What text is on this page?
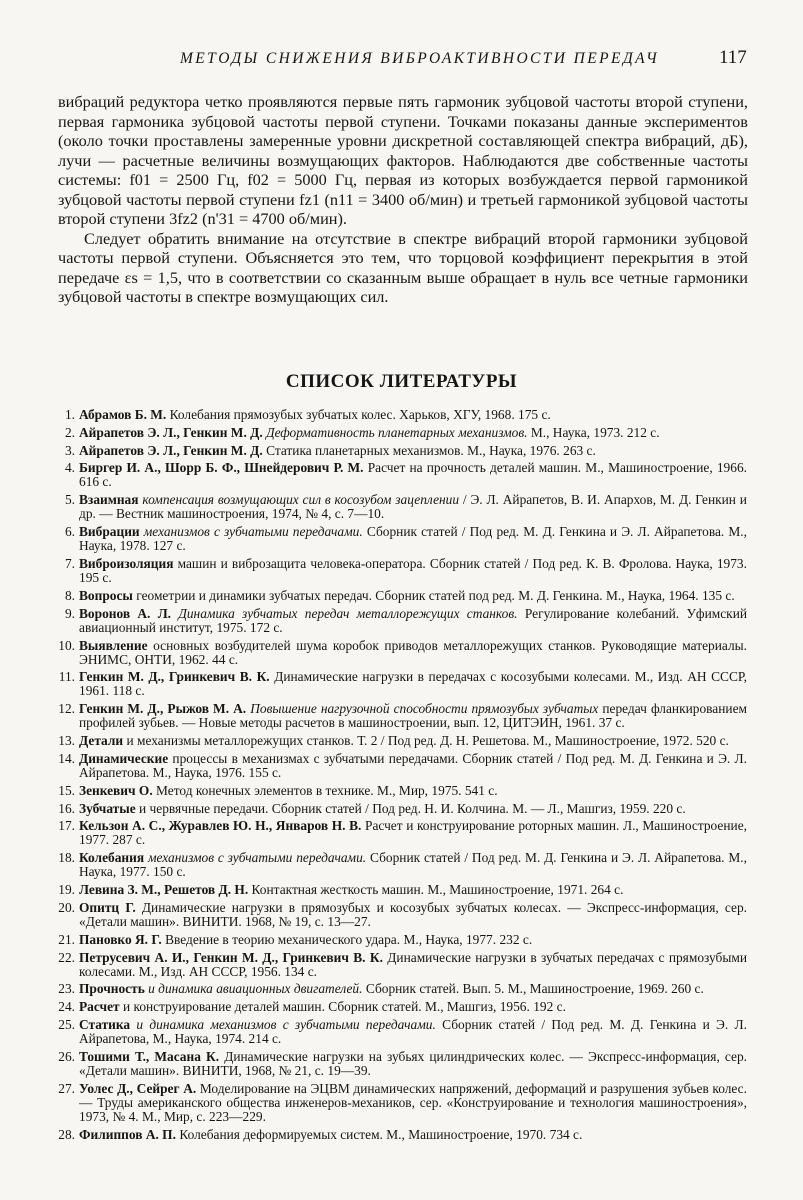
МЕТОДЫ СНИЖЕНИЯ ВИБРОАКТИВНОСТИ ПЕРЕДАЧ	117

вибраций редуктора четко проявляются первые пять гармоник зубцовой частоты второй ступени, первая гармоника зубцовой частоты первой ступени. Точками показаны данные экспериментов (около точки проставлены замеренные уровни дискретной составляющей спектра вибраций, дБ), лучи — расчетные величины возмущающих факторов. Наблюдаются две собственные частоты системы: f01 = 2500 Гц, f02 = 5000 Гц, первая из которых возбуждается первой гармоникой зубцовой частоты первой ступени fz1 (n11 = 3400 об/мин) и третьей гармоникой зубцовой частоты второй ступени 3fz2 (n'31 = 4700 об/мин).

Следует обратить внимание на отсутствие в спектре вибраций второй гармоники зубцовой частоты первой ступени. Объясняется это тем, что торцовой коэффициент перекрытия в этой передаче εs = 1,5, что в соответствии со сказанным выше обращает в нуль все четные гармоники зубцовой частоты в спектре возмущающих сил.

СПИСОК ЛИТЕРАТУРЫ
1. Абрамов Б. М. Колебания прямозубых зубчатых колес. Харьков, ХГУ, 1968. 175 с.
2. Айрапетов Э. Л., Генкин М. Д. Деформативность планетарных механизмов. М., Наука, 1973. 212 с.
3. Айрапетов Э. Л., Генкин М. Д. Статика планетарных механизмов. М., Наука, 1976. 263 с.
4. Биргер И. А., Шорр Б. Ф., Шнейдерович Р. М. Расчет на прочность деталей машин. М., Машиностроение, 1966. 616 с.
5. Взаимная компенсация возмущающих сил в косозубом зацеплении / Э. Л. Айрапетов, В. И. Апархов, М. Д. Генкин и др. — Вестник машиностроения, 1974, № 4, с. 7—10.
6. Вибрации механизмов с зубчатыми передачами. Сборник статей / Под ред. М. Д. Генкина и Э. Л. Айрапетова. М., Наука, 1978. 127 с.
7. Виброизоляция машин и виброзащита человека-оператора. Сборник статей / Под ред. К. В. Фролова. Наука, 1973. 195 с.
8. Вопросы геометрии и динамики зубчатых передач. Сборник статей под ред. М. Д. Генкина. М., Наука, 1964. 135 с.
9. Воронов А. Л. Динамика зубчатых передач металлорежущих станков. Регулирование колебаний. Уфимский авиационный институт, 1975. 172 с.
10. Выявление основных возбудителей шума коробок приводов металлорежущих станков. Руководящие материалы. ЭНИМС, ОНТИ, 1962. 44 с.
11. Генкин М. Д., Гринкевич В. К. Динамические нагрузки в передачах с косозубыми колесами. М., Изд. АН СССР, 1961. 118 с.
12. Генкин М. Д., Рыжов М. А. Повышение нагрузочной способности прямозубых зубчатых передач фланкированием профилей зубьев. — Новые методы расчетов в машиностроении, вып. 12, ЦИТЭИН, 1961. 37 с.
13. Детали и механизмы металлорежущих станков. Т. 2 / Под ред. Д. Н. Решетова. М., Машиностроение, 1972. 520 с.
14. Динамические процессы в механизмах с зубчатыми передачами. Сборник статей / Под ред. М. Д. Генкина и Э. Л. Айрапетова. М., Наука, 1976. 155 с.
15. Зенкевич О. Метод конечных элементов в технике. М., Мир, 1975. 541 с.
16. Зубчатые и червячные передачи. Сборник статей / Под ред. Н. И. Колчина. М. — Л., Машгиз, 1959. 220 с.
17. Кельзон А. С., Журавлев Ю. Н., Январов Н. В. Расчет и конструирование роторных машин. Л., Машиностроение, 1977. 287 с.
18. Колебания механизмов с зубчатыми передачами. Сборник статей / Под ред. М. Д. Генкина и Э. Л. Айрапетова. М., Наука, 1977. 150 с.
19. Левина З. М., Решетов Д. Н. Контактная жесткость машин. М., Машиностроение, 1971. 264 с.
20. Опитц Г. Динамические нагрузки в прямозубых и косозубых зубчатых колесах. — Экспресс-информация, сер. «Детали машин». ВИНИТИ. 1968, № 19, с. 13—27.
21. Пановко Я. Г. Введение в теорию механического удара. М., Наука, 1977. 232 с.
22. Петрусевич А. И., Генкин М. Д., Гринкевич В. К. Динамические нагрузки в зубчатых передачах с прямозубыми колесами. М., Изд. АН СССР, 1956. 134 с.
23. Прочность и динамика авиационных двигателей. Сборник статей. Вып. 5. М., Машиностроение, 1969. 260 с.
24. Расчет и конструирование деталей машин. Сборник статей. М., Машгиз, 1956. 192 с.
25. Статика и динамика механизмов с зубчатыми передачами. Сборник статей / Под ред. М. Д. Генкина и Э. Л. Айрапетова, М., Наука, 1974. 214 с.
26. Тошими Т., Масана К. Динамические нагрузки на зубьях цилиндрических колес. — Экспресс-информация, сер. «Детали машин». ВИНИТИ, 1968, № 21, с. 19—39.
27. Уолес Д., Сейрег А. Моделирование на ЭЦВМ динамических напряжений, деформаций и разрушения зубьев колес. — Труды американского общества инженеров-механиков, сер. «Конструирование и технология машиностроения», 1973, № 4. М., Мир, с. 223—229.
28. Филиппов А. П. Колебания деформируемых систем. М., Машиностроение, 1970. 734 с.
